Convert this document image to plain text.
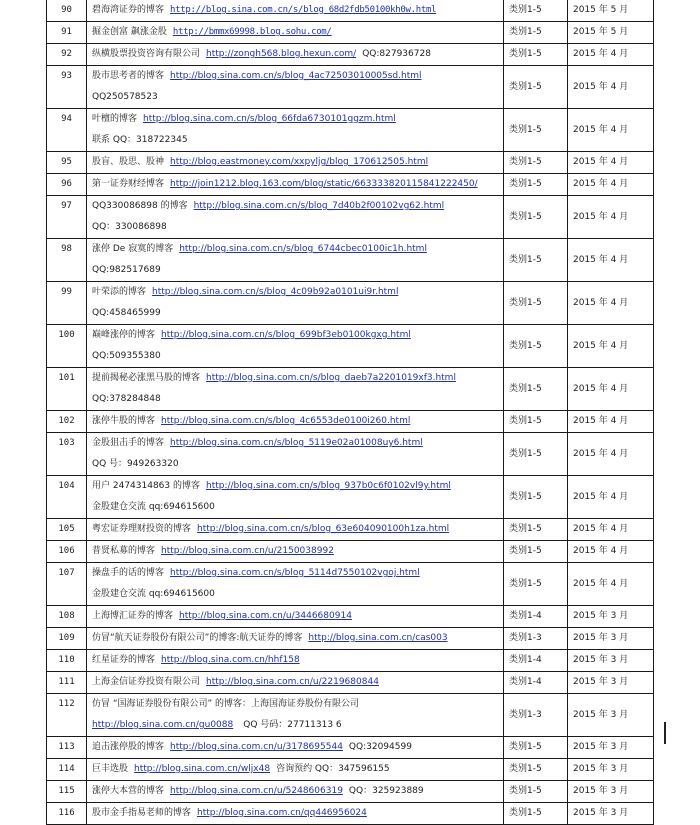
90	碧海湾证券的博客 http://blog.sina.com.cn/s/blog_68d2fdb50100kh0w.html	类别1-5	2015 年 5 月
91	掘金创富 飙涨金股 http://bmmx69998.blog.sohu.com/	类别1-5	2015 年 5 月
92	纵横股票投资咨询有限公司 http://zongh568.blog.hexun.com/ QQ:827936728	类别1-5	2015 年 4 月
93	股市思考者的博客 http://blog.sina.com.cn/s/blog_4ac72503010005sd.html
QQ250578523	类别1-5	2015 年 4 月
94	叶檀的博客 http://blog.sina.com.cn/s/blog_66fda6730101ggzm.html
联系 QQ：318722345	类别1-5	2015 年 4 月
95	股盲、股思、股神 http://blog.eastmoney.com/xxpyljg/blog_170612505.html	类别1-5	2015 年 4 月
96	第一证券财经博客 http://join1212.blog.163.com/blog/static/663333820115841222450/	类别1-5	2015 年 4 月
97	QQ330086898 的博客 http://blog.sina.com.cn/s/blog_7d40b2f00102vg62.html
QQ：330086898	类别1-5	2015 年 4 月
98	涨停 De 寂寞的博客 http://blog.sina.com.cn/s/blog_6744cbec0100ic1h.html
QQ:982517689	类别1-5	2015 年 4 月
99	叶荣添的博客 http://blog.sina.com.cn/s/blog_4c09b92a0101ui9r.html
QQ:458465999	类别1-5	2015 年 4 月
100	巅峰涨停的博客 http://blog.sina.com.cn/s/blog_699bf3eb0100kgxg.html
QQ:509355380	类别1-5	2015 年 4 月
101	提前揭秘必涨黑马股的博客 http://blog.sina.com.cn/s/blog_daeb7a2201019xf3.html
QQ:378284848	类别1-5	2015 年 4 月
102	涨停牛股的博客 http://blog.sina.com.cn/s/blog_4c6553de0100i260.html	类别1-5	2015 年 4 月
103	金股狙击手的博客 http://blog.sina.com.cn/s/blog_5119e02a01008uy6.html
QQ 号：949263320	类别1-5	2015 年 4 月
104	用户 2474314863 的博客 http://blog.sina.com.cn/s/blog_937b0c6f0102vl9y.html
金股建仓交流 qq:694615600	类别1-5	2015 年 4 月
105	粤宏证券理财投资的博客 http://blog.sina.com.cn/s/blog_63e604090100h1za.html	类别1-5	2015 年 4 月
106	普贤私募的博客 http://blog.sina.com.cn/u/2150038992	类别1-5	2015 年 4 月
107	操盘手的话的博客 http://blog.sina.com.cn/s/blog_5114d7550102vgoj.html
金股建仓交流 qq:694615600	类别1-5	2015 年 4 月
108	上海博汇证券的博客 http://blog.sina.com.cn/u/3446680914	类别1-4	2015 年 3 月
109	仿冒“航天证券股份有限公司”的博客:航天证券的博客 http://blog.sina.com.cn/cas003	类别1-3	2015 年 3 月
110	红星证券的博客 http://blog.sina.com.cn/hhf158	类别1-4	2015 年 3 月
111	上海金信证券投资有限公司 http://blog.sina.com.cn/u/2219680844	类别1-4	2015 年 3 月
112	仿冒 “国海证券股份有限公司” 的博客：上海国海证券股份有限公司
http://blog.sina.com.cn/gu0088 QQ 号码：27711313 6	类别1-3	2015 年 3 月
113	追击涨停股的博客 http://blog.sina.com.cn/u/3178695544 QQ:32094599	类别1-5	2015 年 3 月
114	巨丰选股 http://blog.sina.com.cn/wljx48 咨询预约 QQ：347596155	类别1-5	2015 年 3 月
115	涨停大本营的博客 http://blog.sina.com.cn/u/5248606319 QQ：325923889	类别1-5	2015 年 3 月
116	股市金手指易老师的博客 http://blog.sina.com.cn/qq446956024	类别1-5	2015 年 3 月
